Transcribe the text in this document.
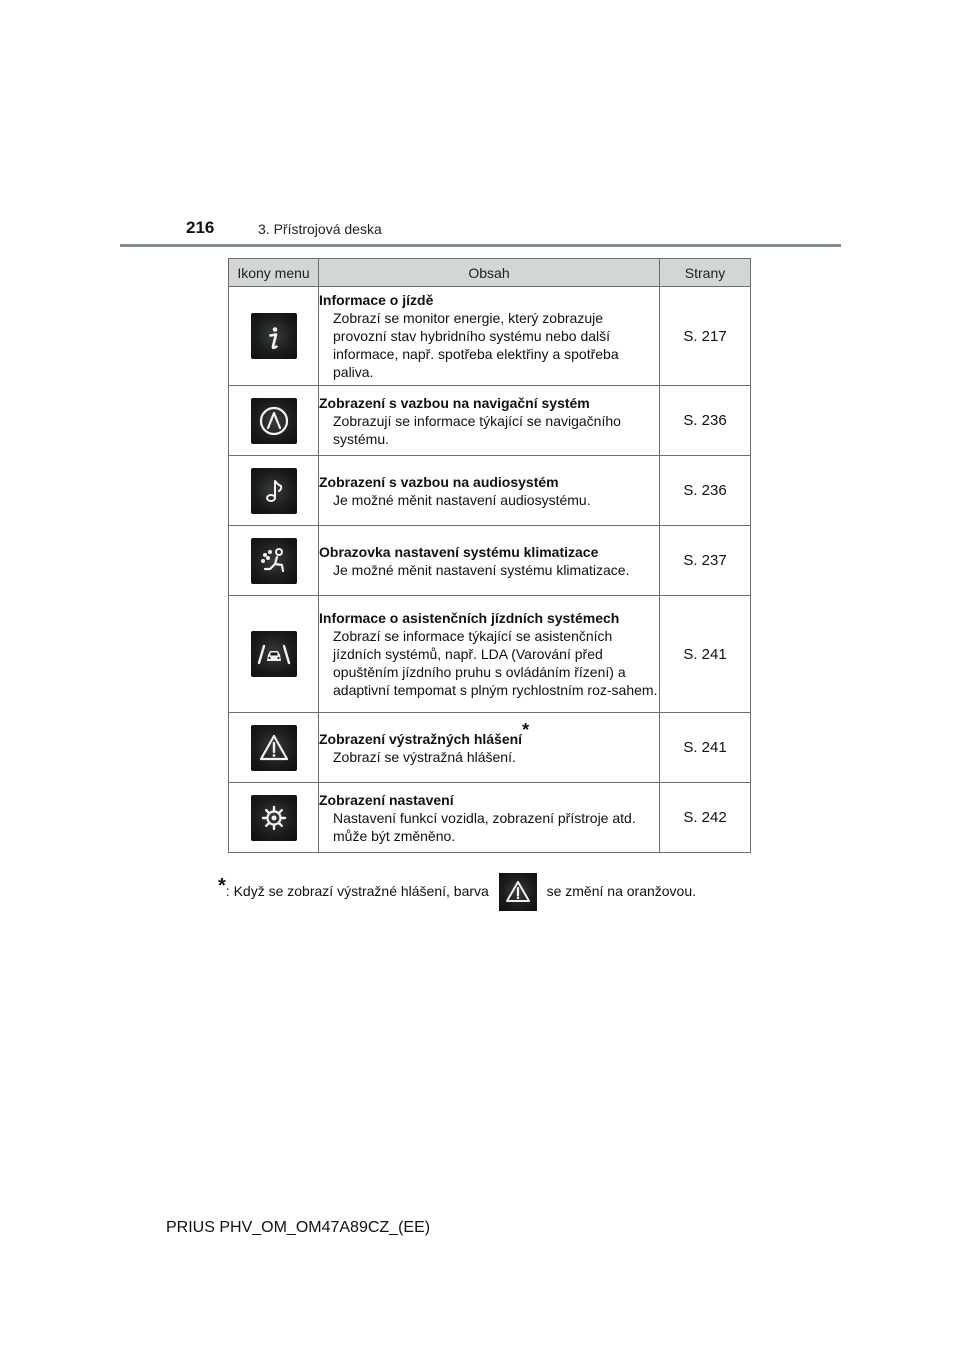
216	3. Přístrojová deska
Ikony menu	Obsah	Strany

Informace o jízdě
Zobrazí se monitor energie, který zobrazuje provozní stav hybridního systému nebo další informace, např. spotřeba elektřiny a spotřeba paliva.	S. 217

Zobrazení s vazbou na navigační systém
Zobrazují se informace týkající se navigačního systému.	S. 236

Zobrazení s vazbou na audiosystém
Je možné měnit nastavení audiosystému.	S. 236

Obrazovka nastavení systému klimatizace
Je možné měnit nastavení systému klimatizace.	S. 237

Informace o asistenčních jízdních systémech
Zobrazí se informace týkající se asistenčních jízdních systémů, např. LDA (Varování před opuštěním jízdního pruhu s ovládáním řízení) a adaptivní tempomat s plným rychlostním roz-sahem.	S. 241

Zobrazení výstražných hlášení*
Zobrazí se výstražná hlášení.	S. 241

Zobrazení nastavení
Nastavení funkcí vozidla, zobrazení přístroje atd. může být změněno.	S. 242
*: Když se zobrazí výstražné hlášení, barva	se změní na oranžovou.
PRIUS PHV_OM_OM47A89CZ_(EE)
